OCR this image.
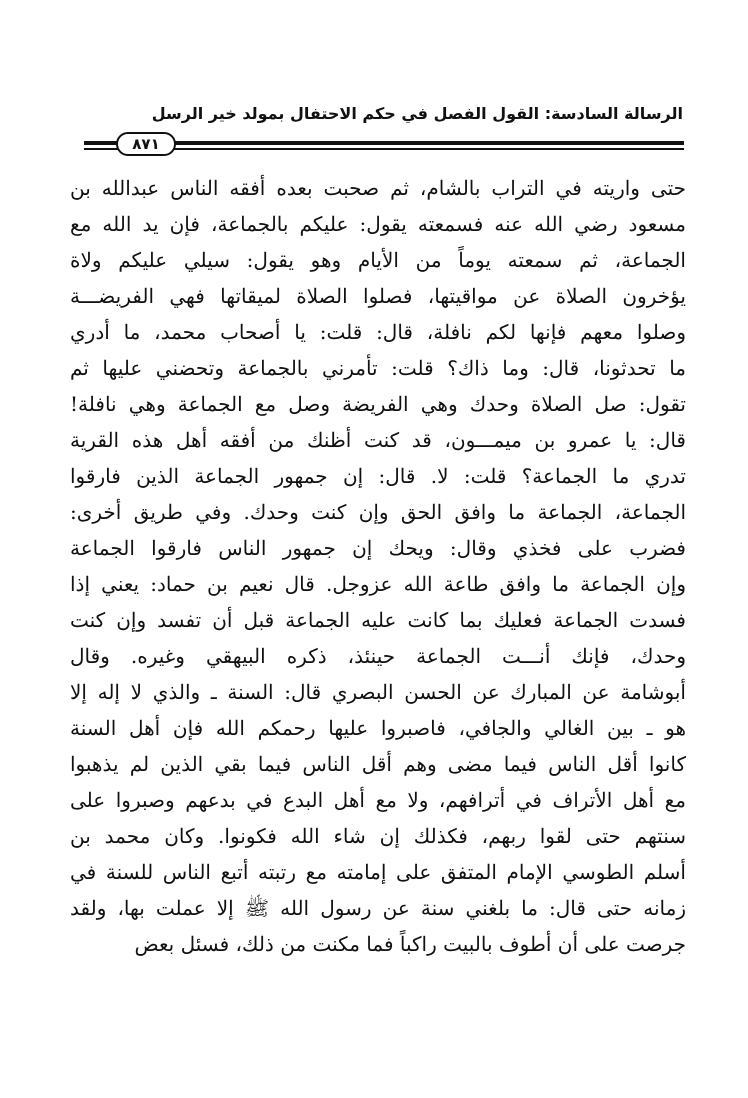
الرسالة السادسة: القول الفصل في حكم الاحتفال بمولد خير الرسل
٨٧١
حتى واريته في التراب بالشام، ثم صحبت بعده أفقه الناس عبدالله بن
مسعود رضي الله عنه فسمعته يقول: عليكم بالجماعة، فإن يد الله مع
الجماعة، ثم سمعته يوماً من الأيام وهو يقول: سيلي عليكم ولاة
يؤخرون الصلاة عن مواقيتها، فصلوا الصلاة لميقاتها فهي الفريضـــة
وصلوا معهم فإنها لكم نافلة، قال: قلت: يا أصحاب محمد، ما أدري
ما تحدثونا، قال: وما ذاك؟ قلت: تأمرني بالجماعة وتحضني عليها ثم
تقول: صل الصلاة وحدك وهي الفريضة وصل مع الجماعة وهي نافلة!
قال: يا عمرو بن ميمـــون، قد كنت أظنك من أفقه أهل هذه القرية
تدري ما الجماعة؟ قلت: لا. قال: إن جمهور الجماعة الذين فارقوا
الجماعة، الجماعة ما وافق الحق وإن كنت وحدك. وفي طريق أخرى:
فضرب على فخذي وقال: ويحك إن جمهور الناس فارقوا الجماعة
وإن الجماعة ما وافق طاعة الله عزوجل. قال نعيم بن حماد: يعني إذا
فسدت الجماعة فعليك بما كانت عليه الجماعة قبل أن تفسد وإن كنت
وحدك، فإنك أنـــت الجماعة حينئذ، ذكره البيهقي وغيره. وقال
أبوشامة عن المبارك عن الحسن البصري قال: السنة ـ والذي لا إله إلا
هو ـ بين الغالي والجافي، فاصبروا عليها رحمكم الله فإن أهل السنة
كانوا أقل الناس فيما مضى وهم أقل الناس فيما بقي الذين لم يذهبوا
مع أهل الأتراف في أترافهم، ولا مع أهل البدع في بدعهم وصبروا على
سنتهم حتى لقوا ربهم، فكذلك إن شاء الله فكونوا. وكان محمد بن
أسلم الطوسي الإمام المتفق على إمامته مع رتبته أتبع الناس للسنة في
زمانه حتى قال: ما بلغني سنة عن رسول الله ﷺ إلا عملت بها، ولقد
جرصت على أن أطوف بالبيت راكباً فما مكنت من ذلك، فسئل بعض
